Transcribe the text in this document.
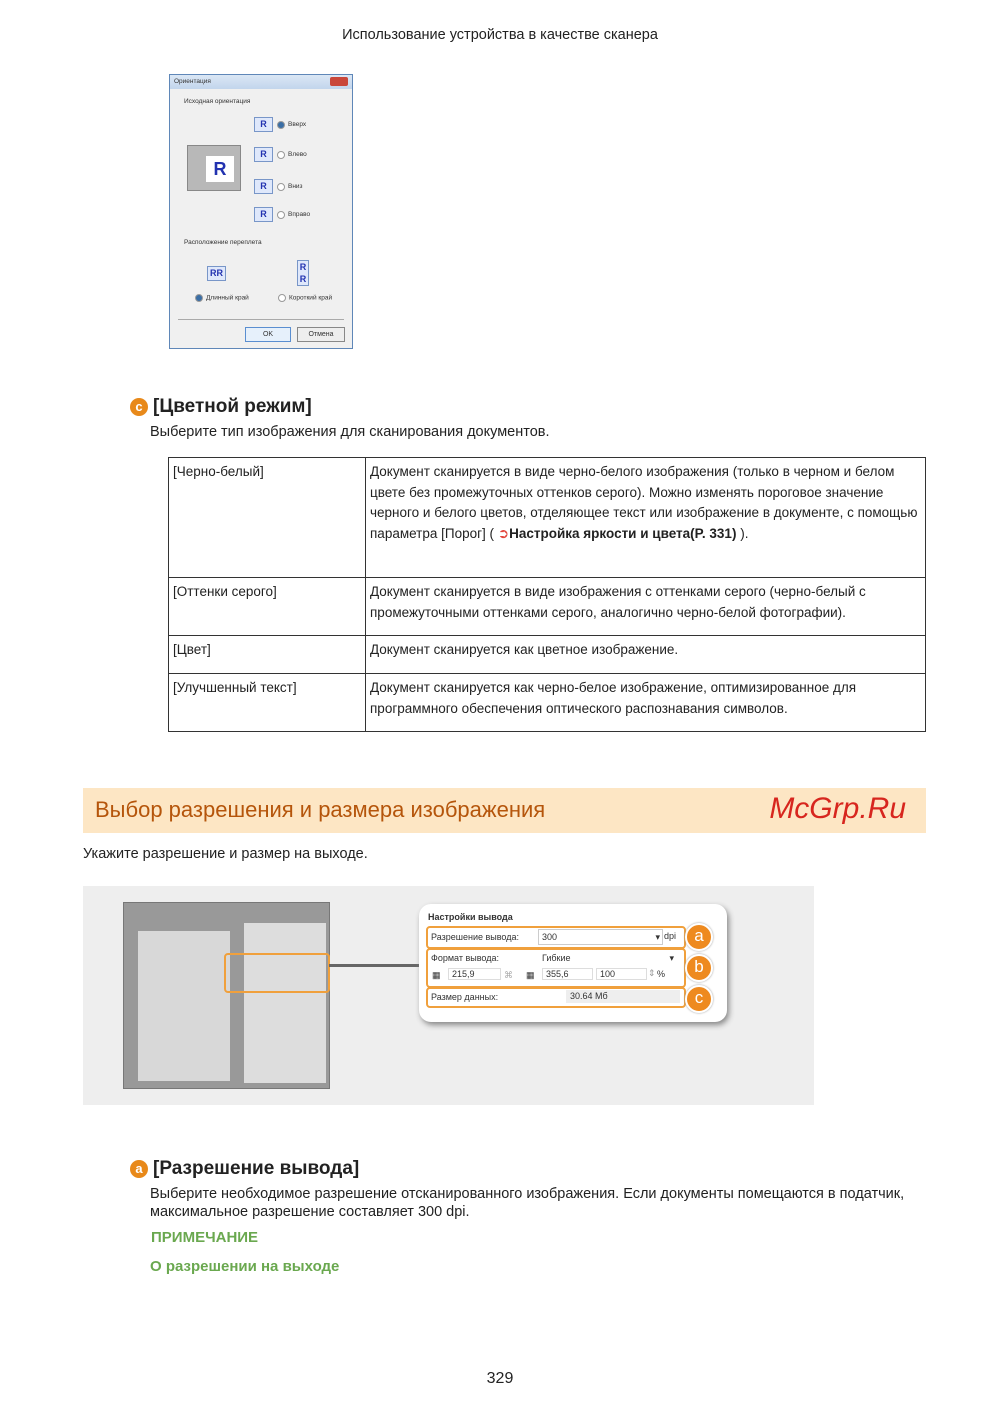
Использование устройства в качестве сканера
Ориентация
Исходная ориентация
R
R	Вверх
R	Влево
R	Вниз
R	Вправо
Расположение переплета
RR
R R
Длинный край	Короткий край
OK	Отмена
c [Цветной режим]
Выберите тип изображения для сканирования документов.
[Черно-белый]	Документ сканируется в виде черно-белого изображения (только в черном и белом цвете без промежуточных оттенков серого). Можно изменять пороговое значение черного и белого цветов, отделяющее текст или изображение в документе, с помощью параметра [Порог] ( ➲Настройка яркости и цвета(P. 331) ).
[Оттенки серого]	Документ сканируется в виде изображения с оттенками серого (черно-белый с промежуточными оттенками серого, аналогично черно-белой фотографии).
[Цвет]	Документ сканируется как цветное изображение.
[Улучшенный текст]	Документ сканируется как черно-белое изображение, оптимизированное для программного обеспечения оптического распознавания символов.
Выбор разрешения и размера изображения	McGrp.Ru
Укажите разрешение и размер на выходе.
Настройки вывода
Разрешение вывода:	300	▾ dpi
Формат вывода:	Гибкие	▾
▦	215,9	⌘ ▦	355,6	100	⇕ %
Размер данных:	30.64 Мб
a
b
c
a [Разрешение вывода]
Выберите необходимое разрешение отсканированного изображения. Если документы помещаются в податчик, максимальное разрешение составляет 300 dpi.
ПРИМЕЧАНИЕ
О разрешении на выходе
329
